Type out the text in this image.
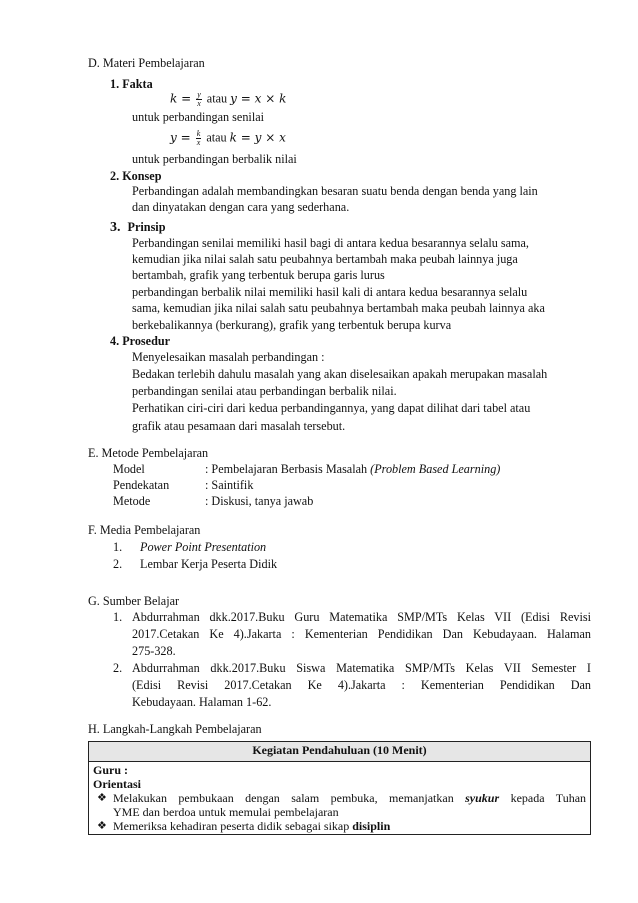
D. Materi Pembelajaran
1. Fakta
$k = \frac{y}{x}$ atau y = x × k
untuk perbandingan senilai
$y = \frac{k}{x}$ atau k = y × x
untuk perbandingan berbalik nilai
2. Konsep
Perbandingan adalah membandingkan besaran suatu benda dengan benda yang lain
dan dinyatakan dengan cara yang sederhana.
3. Prinsip
Perbandingan senilai memiliki hasil bagi di antara kedua besarannya selalu sama,
kemudian jika nilai salah satu peubahnya bertambah maka peubah lainnya juga
bertambah, grafik yang terbentuk berupa garis lurus
perbandingan berbalik nilai memiliki hasil kali di antara kedua besarannya selalu
sama, kemudian jika nilai salah satu peubahnya bertambah maka peubah lainnya aka
berkebalikannya (berkurang), grafik yang terbentuk berupa kurva
4. Prosedur
Menyelesaikan masalah perbandingan :
Bedakan terlebih dahulu masalah yang akan diselesaikan apakah merupakan masalah
perbandingan senilai atau perbandingan berbalik nilai.
Perhatikan ciri-ciri dari kedua perbandingannya, yang dapat dilihat dari tabel atau
grafik atau pesamaan dari masalah tersebut.
E. Metode Pembelajaran
Model	: Pembelajaran Berbasis Masalah (Problem Based Learning)
Pendekatan	: Saintifik
Metode	: Diskusi, tanya jawab
F. Media Pembelajaran
1. Power Point Presentation
2. Lembar Kerja Peserta Didik
G. Sumber Belajar
1. Abdurrahman dkk.2017.Buku Guru Matematika SMP/MTs Kelas VII (Edisi Revisi
2017.Cetakan Ke 4).Jakarta : Kementerian Pendidikan Dan Kebudayaan. Halaman
275-328.
2. Abdurrahman dkk.2017.Buku Siswa Matematika SMP/MTs Kelas VII Semester I
(Edisi Revisi 2017.Cetakan Ke 4).Jakarta : Kementerian Pendidikan Dan
Kebudayaan. Halaman 1-62.
H. Langkah-Langkah Pembelajaran
Kegiatan Pendahuluan (10 Menit)

Guru :
Orientasi
❖ Melakukan pembukaan dengan salam pembuka, memanjatkan syukur kepada Tuhan
YME dan berdoa untuk memulai pembelajaran
❖ Memeriksa kehadiran peserta didik sebagai sikap disiplin
